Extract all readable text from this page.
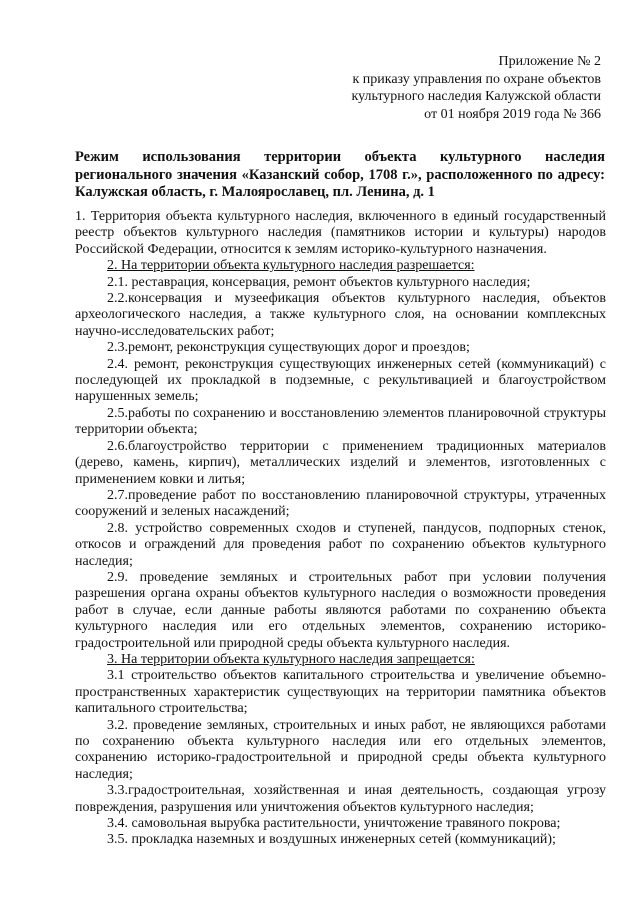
Приложение № 2
к приказу управления по охране объектов
культурного наследия Калужской области
от 01 ноября 2019 года № 366
Режим использования территории объекта культурного наследия регионального значения «Казанский собор, 1708 г.», расположенного по адресу: Калужская область, г. Малоярославец, пл. Ленина, д. 1

1. Территория объекта культурного наследия, включенного в единый государственный реестр объектов культурного наследия (памятников истории и культуры) народов Российской Федерации, относится к землям историко-культурного назначения.

2. На территории объекта культурного наследия разрешается:

2.1. реставрация, консервация, ремонт объектов культурного наследия;

2.2.консервация и музеефикация объектов культурного наследия, объектов археологического наследия, а также культурного слоя, на основании комплексных научно-исследовательских работ;

2.3.ремонт, реконструкция существующих дорог и проездов;

2.4. ремонт, реконструкция существующих инженерных сетей (коммуникаций) с последующей их прокладкой в подземные, с рекультивацией и благоустройством нарушенных земель;

2.5.работы по сохранению и восстановлению элементов планировочной структуры территории объекта;

2.6.благоустройство территории с применением традиционных материалов (дерево, камень, кирпич), металлических изделий и элементов, изготовленных с применением ковки и литья;

2.7.проведение работ по восстановлению планировочной структуры, утраченных сооружений и зеленых насаждений;

2.8. устройство современных сходов и ступеней, пандусов, подпорных стенок, откосов и ограждений для проведения работ по сохранению объектов культурного наследия;

2.9. проведение земляных и строительных работ при условии получения разрешения органа охраны объектов культурного наследия о возможности проведения работ в случае, если данные работы являются работами по сохранению объекта культурного наследия или его отдельных элементов, сохранению историко-градостроительной или природной среды объекта культурного наследия.

3. На территории объекта культурного наследия запрещается:

3.1 строительство объектов капитального строительства и увеличение объемно-пространственных характеристик существующих на территории памятника объектов капитального строительства;

3.2. проведение земляных, строительных и иных работ, не являющихся работами по сохранению объекта культурного наследия или его отдельных элементов, сохранению историко-градостроительной и природной среды объекта культурного наследия;

3.3.градостроительная, хозяйственная и иная деятельность, создающая угрозу повреждения, разрушения или уничтожения объектов культурного наследия;

3.4. самовольная вырубка растительности, уничтожение травяного покрова;

3.5. прокладка наземных и воздушных инженерных сетей (коммуникаций);
